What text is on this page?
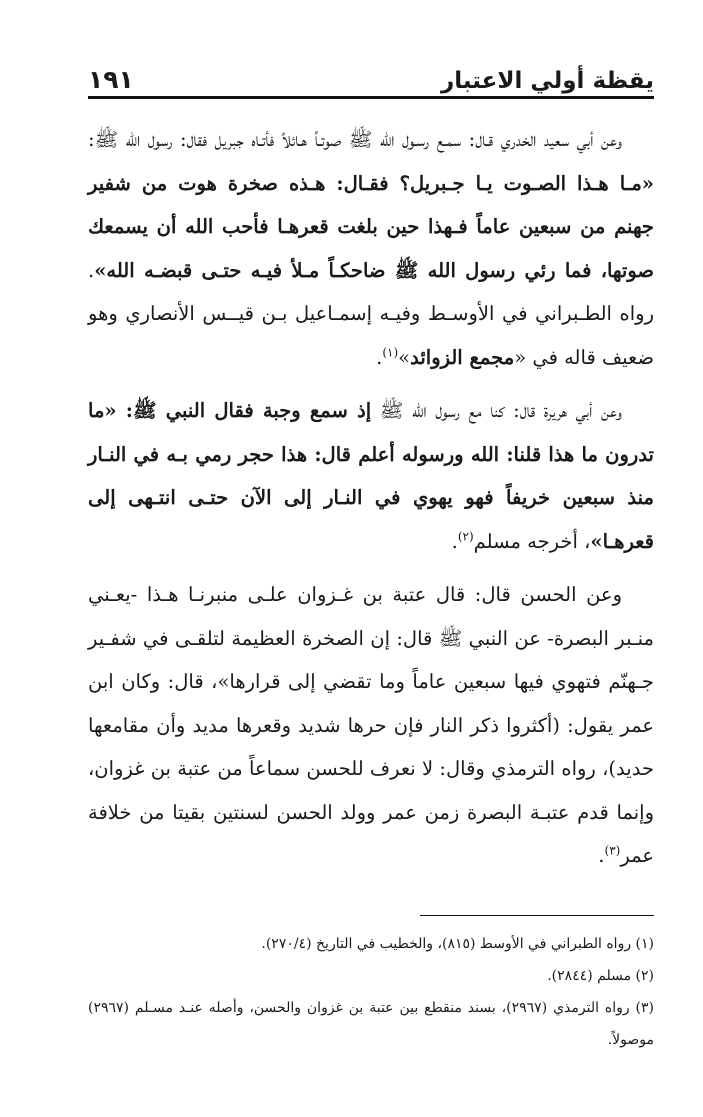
١٩١	يقظة أولي الاعتبار

وعن أبي سعيد الخدري قـال: سمـع رسـول الله ﷺ صوتـاً هـائلاً فأتـاه جبريل فقال: رسول الله ﷺ: «مـا هـذا الصـوت يـا جـبريل؟ فقـال: هـذه صخرة هوت من شفير جهنم من سبعين عاماً فـهذا حين بلغت قعرهـا فأحب الله أن يسمعك صوتها، فما رئي رسول الله ﷺ ضاحكـاً مـلأ فيـه حتـى قبضـه الله». رواه الطـبراني في الأوسـط وفيـه إسمـاعيل بـن قيــس الأنصاري وهو ضعيف قاله في «مجمع الزوائد»$^{(١)}$.

وعن أبي هريرة قال: كنا مع رسول الله ﷺ إذ سمع وجبة فقال النبي ﷺ: «ما تدرون ما هذا قلنا: الله ورسوله أعلم قال: هذا حجر رمي بـه في النـار منذ سبعين خريفاً فهو يهوي في النـار إلى الآن حتـى انتـهى إلى قعرهـا»، أخرجه مسلم$^{(٢)}$.

وعن الحسن قال: قال عتبة بن غـزوان علـى منبرنـا هـذا -يعـني منـبر البصرة- عن النبي ﷺ قال: إن الصخرة العظيمة لتلقـى في شفـير جـهنّم فتهوي فيها سبعين عاماً وما تقضي إلى قرارها»، قال: وكان ابن عمر يقول: (أكثروا ذكر النار فإن حرها شديد وقعرها مديد وأن مقامعها حديد)، رواه الترمذي وقال: لا نعرف للحسن سماعاً من عتبة بن غزوان، وإنما قدم عتبـة البصرة زمن عمر وولد الحسن لسنتين بقيتا من خلافة عمر$^{(٣)}$.

(١) رواه الطبراني في الأوسط (٨١٥)، والخطيب في التاريخ (٢٧٠/٤).

(٢) مسلم (٢٨٤٤).

(٣) رواه الترمذي (٢٩٦٧)، بسند منقطع بين عتبة بن غزوان والحسن، وأصله عنـد مسـلم (٢٩٦٧) موصولاً.
